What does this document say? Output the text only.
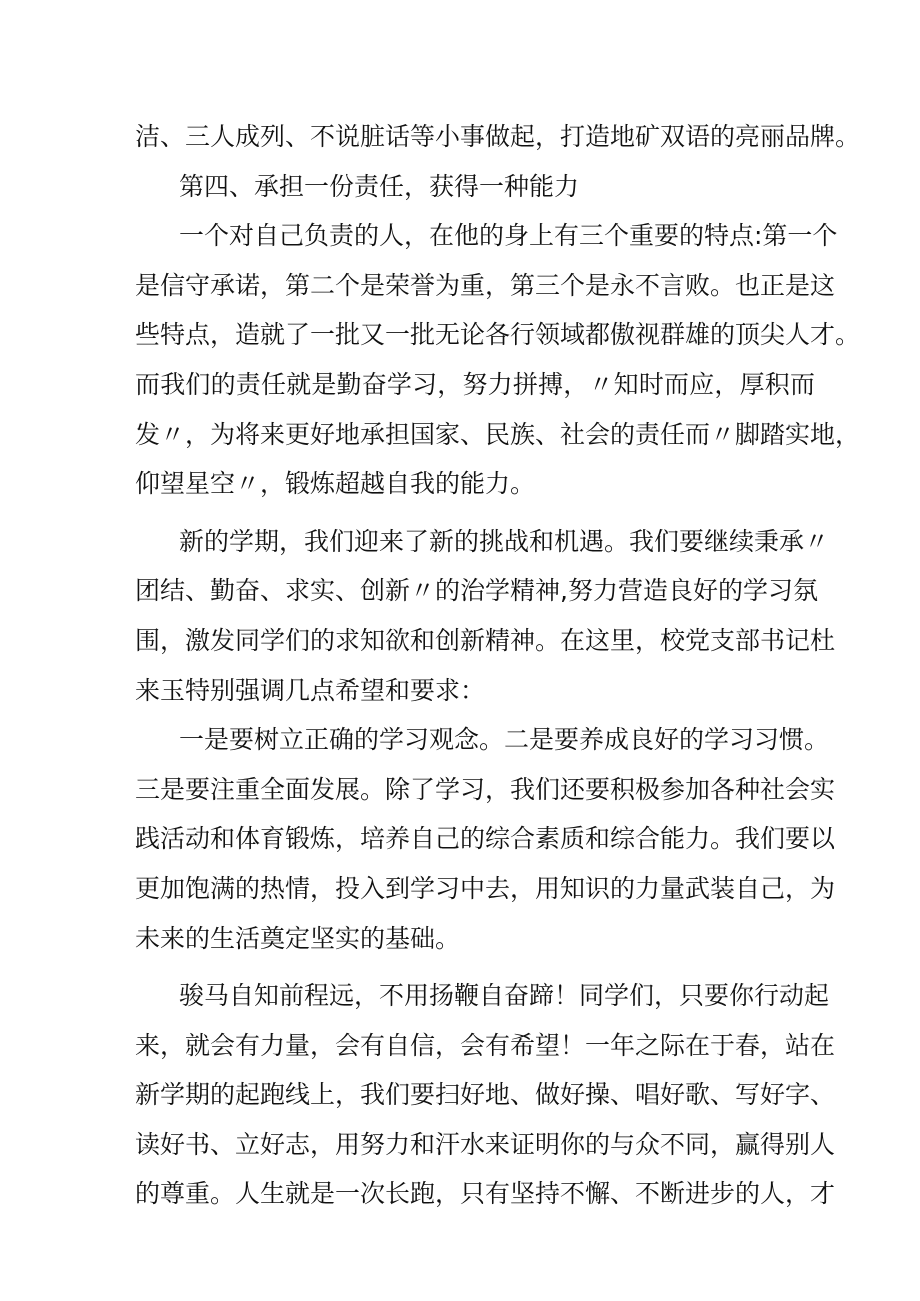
洁、三人成列、不说脏话等小事做起，打造地矿双语的亮丽品牌。
第四、承担一份责任，获得一种能力
一个对自己负责的人，在他的身上有三个重要的特点:第一个
是信守承诺，第二个是荣誉为重，第三个是永不言败。也正是这
些特点，造就了一批又一批无论各行领域都傲视群雄的顶尖人才。
而我们的责任就是勤奋学习，努力拼搏，〃知时而应，厚积而
发〃，为将来更好地承担国家、民族、社会的责任而〃脚踏实地，
仰望星空〃，锻炼超越自我的能力。
新的学期，我们迎来了新的挑战和机遇。我们要继续秉承〃
团结、勤奋、求实、创新〃的治学精神,努力营造良好的学习氛
围，激发同学们的求知欲和创新精神。在这里，校党支部书记杜
来玉特别强调几点希望和要求：
一是要树立正确的学习观念。二是要养成良好的学习习惯。
三是要注重全面发展。除了学习，我们还要积极参加各种社会实
践活动和体育锻炼，培养自己的综合素质和综合能力。我们要以
更加饱满的热情，投入到学习中去，用知识的力量武装自己，为
未来的生活奠定坚实的基础。
骏马自知前程远，不用扬鞭自奋蹄！同学们，只要你行动起
来，就会有力量，会有自信，会有希望！一年之际在于春，站在
新学期的起跑线上，我们要扫好地、做好操、唱好歌、写好字、
读好书、立好志，用努力和汗水来证明你的与众不同，赢得别人
的尊重。人生就是一次长跑，只有坚持不懈、不断进步的人，才
